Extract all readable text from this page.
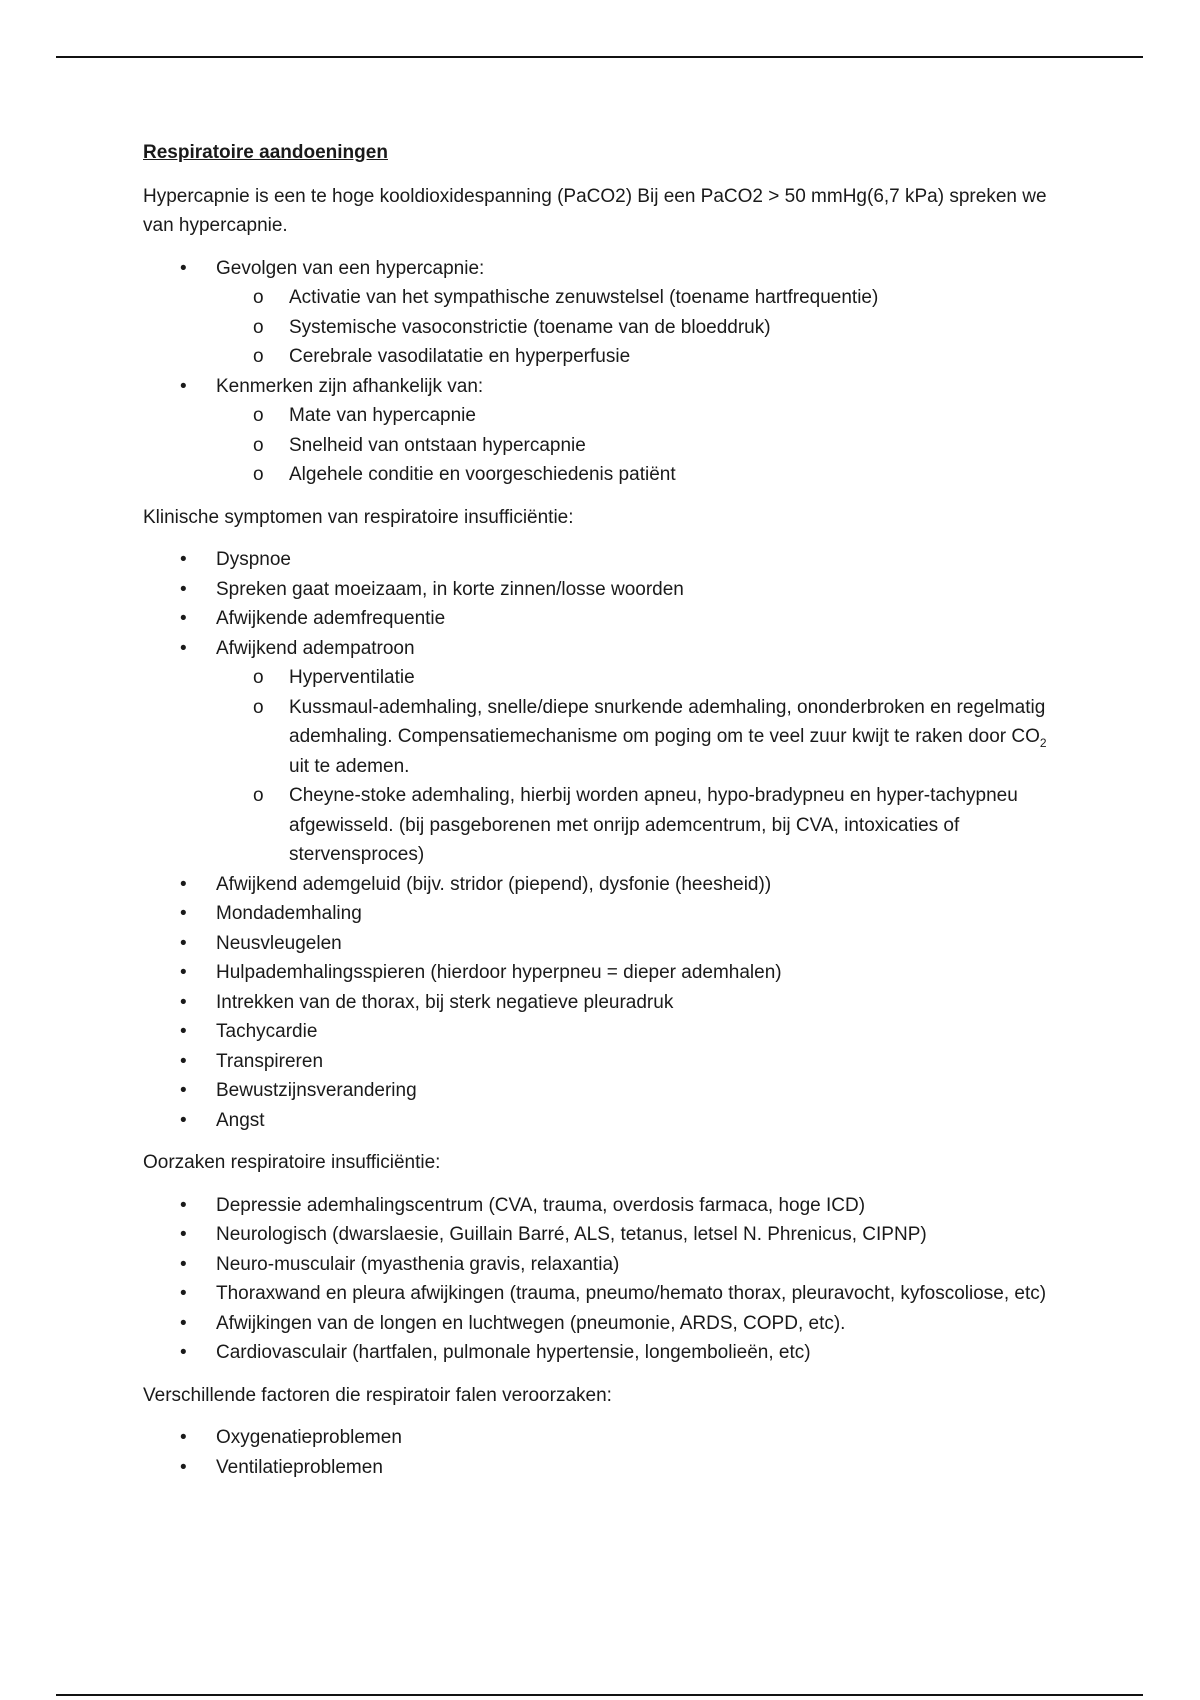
Respiratoire aandoeningen

Hypercapnie is een te hoge kooldioxidespanning (PaCO2) Bij een PaCO2 > 50 mmHg(6,7 kPa) spreken we van hypercapnie.

• Gevolgen van een hypercapnie:
o Activatie van het sympathische zenuwstelsel (toename hartfrequentie)
o Systemische vasoconstrictie (toename van de bloeddruk)
o Cerebrale vasodilatatie en hyperperfusie
• Kenmerken zijn afhankelijk van:
o Mate van hypercapnie
o Snelheid van ontstaan hypercapnie
o Algehele conditie en voorgeschiedenis patiënt

Klinische symptomen van respiratoire insufficiëntie:

• Dyspnoe
• Spreken gaat moeizaam, in korte zinnen/losse woorden
• Afwijkende ademfrequentie
• Afwijkend adempatroon
o Hyperventilatie
o Kussmaul-ademhaling, snelle/diepe snurkende ademhaling, ononderbroken en regelmatig ademhaling. Compensatiemechanisme om poging om te veel zuur kwijt te raken door $CO_2$ uit te ademen.
o Cheyne-stoke ademhaling, hierbij worden apneu, hypo-bradypneu en hyper-tachypneu afgewisseld. (bij pasgeborenen met onrijp ademcentrum, bij CVA, intoxicaties of stervensproces)
• Afwijkend ademgeluid (bijv. stridor (piepend), dysfonie (heesheid))
• Mondademhaling
• Neusvleugelen
• Hulpademhalingsspieren (hierdoor hyperpneu = dieper ademhalen)
• Intrekken van de thorax, bij sterk negatieve pleuradruk
• Tachycardie
• Transpireren
• Bewustzijnsverandering
• Angst

Oorzaken respiratoire insufficiëntie:

• Depressie ademhalingscentrum (CVA, trauma, overdosis farmaca, hoge ICD)
• Neurologisch (dwarslaesie, Guillain Barré, ALS, tetanus, letsel N. Phrenicus, CIPNP)
• Neuro-musculair (myasthenia gravis, relaxantia)
• Thoraxwand en pleura afwijkingen (trauma, pneumo/hemato thorax, pleuravocht, kyfoscoliose, etc)
• Afwijkingen van de longen en luchtwegen (pneumonie, ARDS, COPD, etc).
• Cardiovasculair (hartfalen, pulmonale hypertensie, longembolieën, etc)

Verschillende factoren die respiratoir falen veroorzaken:

• Oxygenatieproblemen
• Ventilatieproblemen
